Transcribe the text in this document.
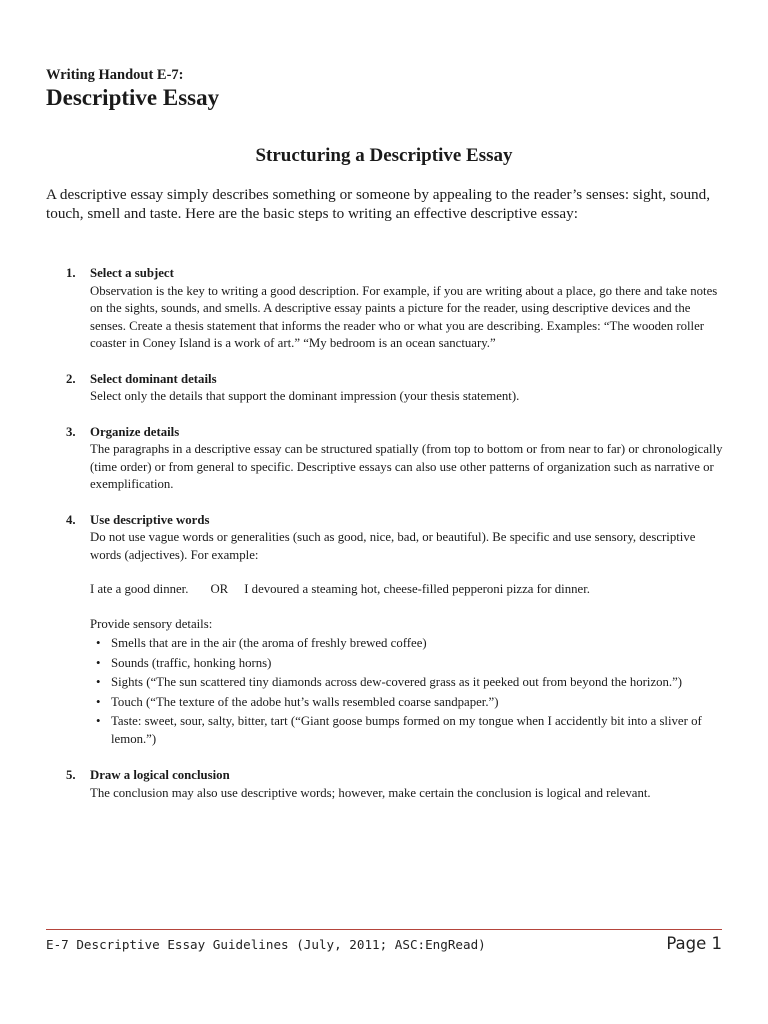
Writing Handout E-7:

Descriptive Essay
Structuring a Descriptive Essay

A descriptive essay simply describes something or someone by appealing to the reader’s senses: sight, sound, touch, smell and taste. Here are the basic steps to writing an effective descriptive essay:

1. Select a subject

Observation is the key to writing a good description. For example, if you are writing about a place, go there and take notes on the sights, sounds, and smells. A descriptive essay paints a picture for the reader, using descriptive devices and the senses. Create a thesis statement that informs the reader who or what you are describing. Examples: “The wooden roller coaster in Coney Island is a work of art.” “My bedroom is an ocean sanctuary.”

2. Select dominant details

Select only the details that support the dominant impression (your thesis statement).

3. Organize details

The paragraphs in a descriptive essay can be structured spatially (from top to bottom or from near to far) or chronologically (time order) or from general to specific. Descriptive essays can also use other patterns of organization such as narrative or exemplification.

4. Use descriptive words

Do not use vague words or generalities (such as good, nice, bad, or beautiful). Be specific and use sensory, descriptive words (adjectives). For example:

I ate a good dinner. OR I devoured a steaming hot, cheese-filled pepperoni pizza for dinner.

Provide sensory details:

• Smells that are in the air (the aroma of freshly brewed coffee)
• Sounds (traffic, honking horns)
• Sights (“The sun scattered tiny diamonds across dew-covered grass as it peeked out from beyond the horizon.”)
• Touch (“The texture of the adobe hut’s walls resembled coarse sandpaper.”)
• Taste: sweet, sour, salty, bitter, tart (“Giant goose bumps formed on my tongue when I accidently bit into a sliver of lemon.”)
5. Draw a logical conclusion

The conclusion may also use descriptive words; however, make certain the conclusion is logical and relevant.

E-7 Descriptive Essay Guidelines (July, 2011; ASC:EngRead)	Page 1
